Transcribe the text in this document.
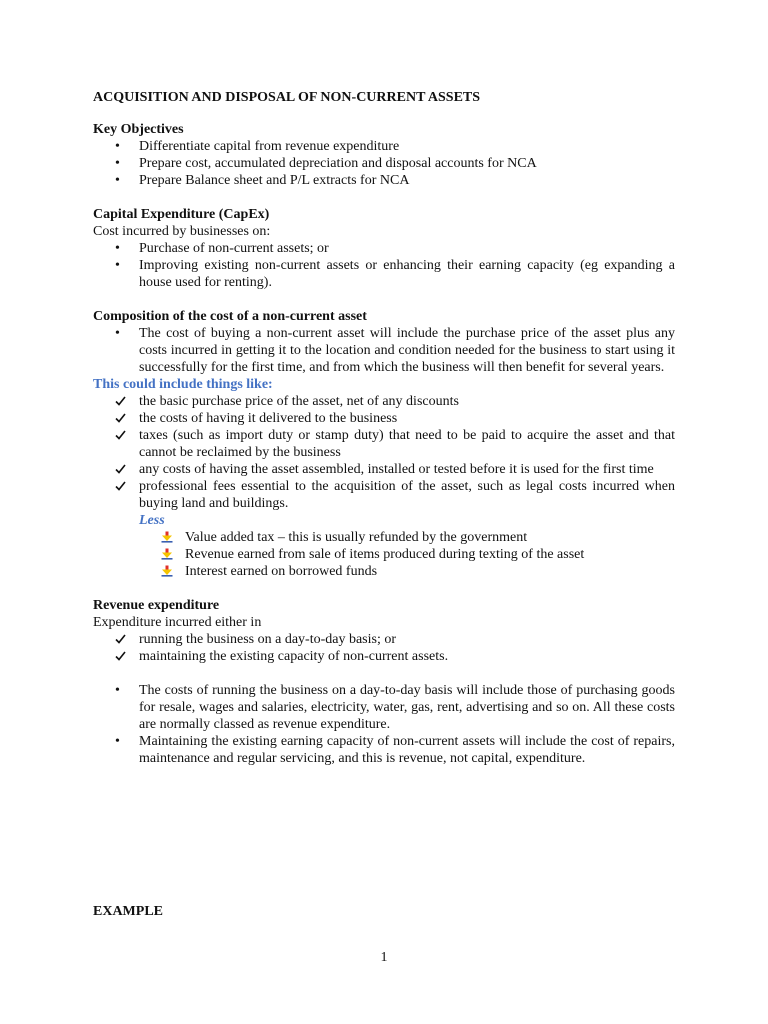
ACQUISITION AND DISPOSAL OF NON-CURRENT ASSETS

Key Objectives

• Differentiate capital from revenue expenditure
• Prepare cost, accumulated depreciation and disposal accounts for NCA
• Prepare Balance sheet and P/L extracts for NCA

Capital Expenditure (CapEx)

Cost incurred by businesses on:

• Purchase of non-current assets; or
• Improving existing non-current assets or enhancing their earning capacity (eg expanding a house used for renting).

Composition of the cost of a non-current asset

• The cost of buying a non-current asset will include the purchase price of the asset plus any costs incurred in getting it to the location and condition needed for the business to start using it successfully for the first time, and from which the business will then benefit for several years.

This could include things like:

the basic purchase price of the asset, net of any discounts
the costs of having it delivered to the business
taxes (such as import duty or stamp duty) that need to be paid to acquire the asset and that cannot be reclaimed by the business
any costs of having the asset assembled, installed or tested before it is used for the first time
professional fees essential to the acquisition of the asset, such as legal costs incurred when buying land and buildings.

Less

Value added tax – this is usually refunded by the government
Revenue earned from sale of items produced during texting of the asset
Interest earned on borrowed funds

Revenue expenditure

Expenditure incurred either in

running the business on a day-to-day basis; or
maintaining the existing capacity of non-current assets.
• The costs of running the business on a day-to-day basis will include those of purchasing goods for resale, wages and salaries, electricity, water, gas, rent, advertising and so on. All these costs are normally classed as revenue expenditure.
• Maintaining the existing earning capacity of non-current assets will include the cost of repairs, maintenance and regular servicing, and this is revenue, not capital, expenditure.

EXAMPLE

1
